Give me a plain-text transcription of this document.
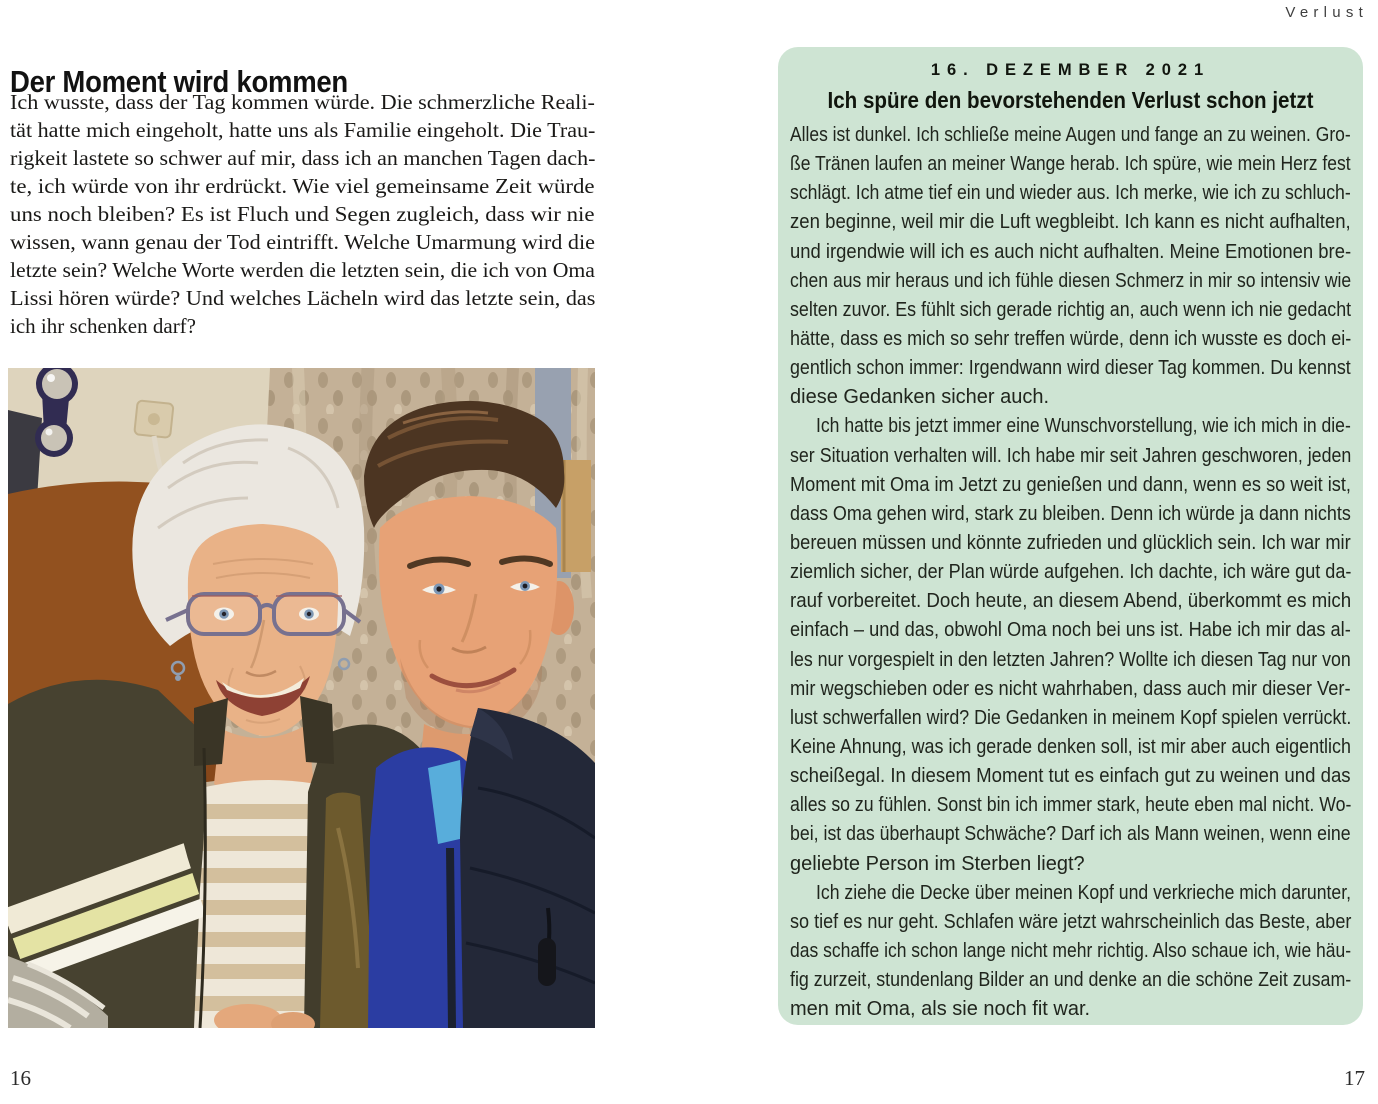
Verlust
Der Moment wird kommen
Ich wusste, dass der Tag kommen würde. Die schmerzliche Reali-
tät hatte mich eingeholt, hatte uns als Familie eingeholt. Die Trau-
rigkeit lastete so schwer auf mir, dass ich an manchen Tagen dach-
te, ich würde von ihr erdrückt. Wie viel gemeinsame Zeit würde
uns noch bleiben? Es ist Fluch und Segen zugleich, dass wir nie
wissen, wann genau der Tod eintrifft. Welche Umarmung wird die
letzte sein? Welche Worte werden die letzten sein, die ich von Oma
Lissi hören würde? Und welches Lächeln wird das letzte sein, das
ich ihr schenken darf?
16. DEZEMBER 2021
Ich spüre den bevorstehenden Verlust schon jetzt
Alles ist dunkel. Ich schließe meine Augen und fange an zu weinen. Gro-
ße Tränen laufen an meiner Wange herab. Ich spüre, wie mein Herz fest
schlägt. Ich atme tief ein und wieder aus. Ich merke, wie ich zu schluch-
zen beginne, weil mir die Luft wegbleibt. Ich kann es nicht aufhalten,
und irgendwie will ich es auch nicht aufhalten. Meine Emotionen bre-
chen aus mir heraus und ich fühle diesen Schmerz in mir so intensiv wie
selten zuvor. Es fühlt sich gerade richtig an, auch wenn ich nie gedacht
hätte, dass es mich so sehr treffen würde, denn ich wusste es doch ei-
gentlich schon immer: Irgendwann wird dieser Tag kommen. Du kennst
diese Gedanken sicher auch.
Ich hatte bis jetzt immer eine Wunschvorstellung, wie ich mich in die-
ser Situation verhalten will. Ich habe mir seit Jahren geschworen, jeden
Moment mit Oma im Jetzt zu genießen und dann, wenn es so weit ist,
dass Oma gehen wird, stark zu bleiben. Denn ich würde ja dann nichts
bereuen müssen und könnte zufrieden und glücklich sein. Ich war mir
ziemlich sicher, der Plan würde aufgehen. Ich dachte, ich wäre gut da-
rauf vorbereitet. Doch heute, an diesem Abend, überkommt es mich
einfach – und das, obwohl Oma noch bei uns ist. Habe ich mir das al-
les nur vorgespielt in den letzten Jahren? Wollte ich diesen Tag nur von
mir wegschieben oder es nicht wahrhaben, dass auch mir dieser Ver-
lust schwerfallen wird? Die Gedanken in meinem Kopf spielen verrückt.
Keine Ahnung, was ich gerade denken soll, ist mir aber auch eigentlich
scheißegal. In diesem Moment tut es einfach gut zu weinen und das
alles so zu fühlen. Sonst bin ich immer stark, heute eben mal nicht. Wo-
bei, ist das überhaupt Schwäche? Darf ich als Mann weinen, wenn eine
geliebte Person im Sterben liegt?
Ich ziehe die Decke über meinen Kopf und verkrieche mich darunter,
so tief es nur geht. Schlafen wäre jetzt wahrscheinlich das Beste, aber
das schaffe ich schon lange nicht mehr richtig. Also schaue ich, wie häu-
fig zurzeit, stundenlang Bilder an und denke an die schöne Zeit zusam-
men mit Oma, als sie noch fit war.
16	17
